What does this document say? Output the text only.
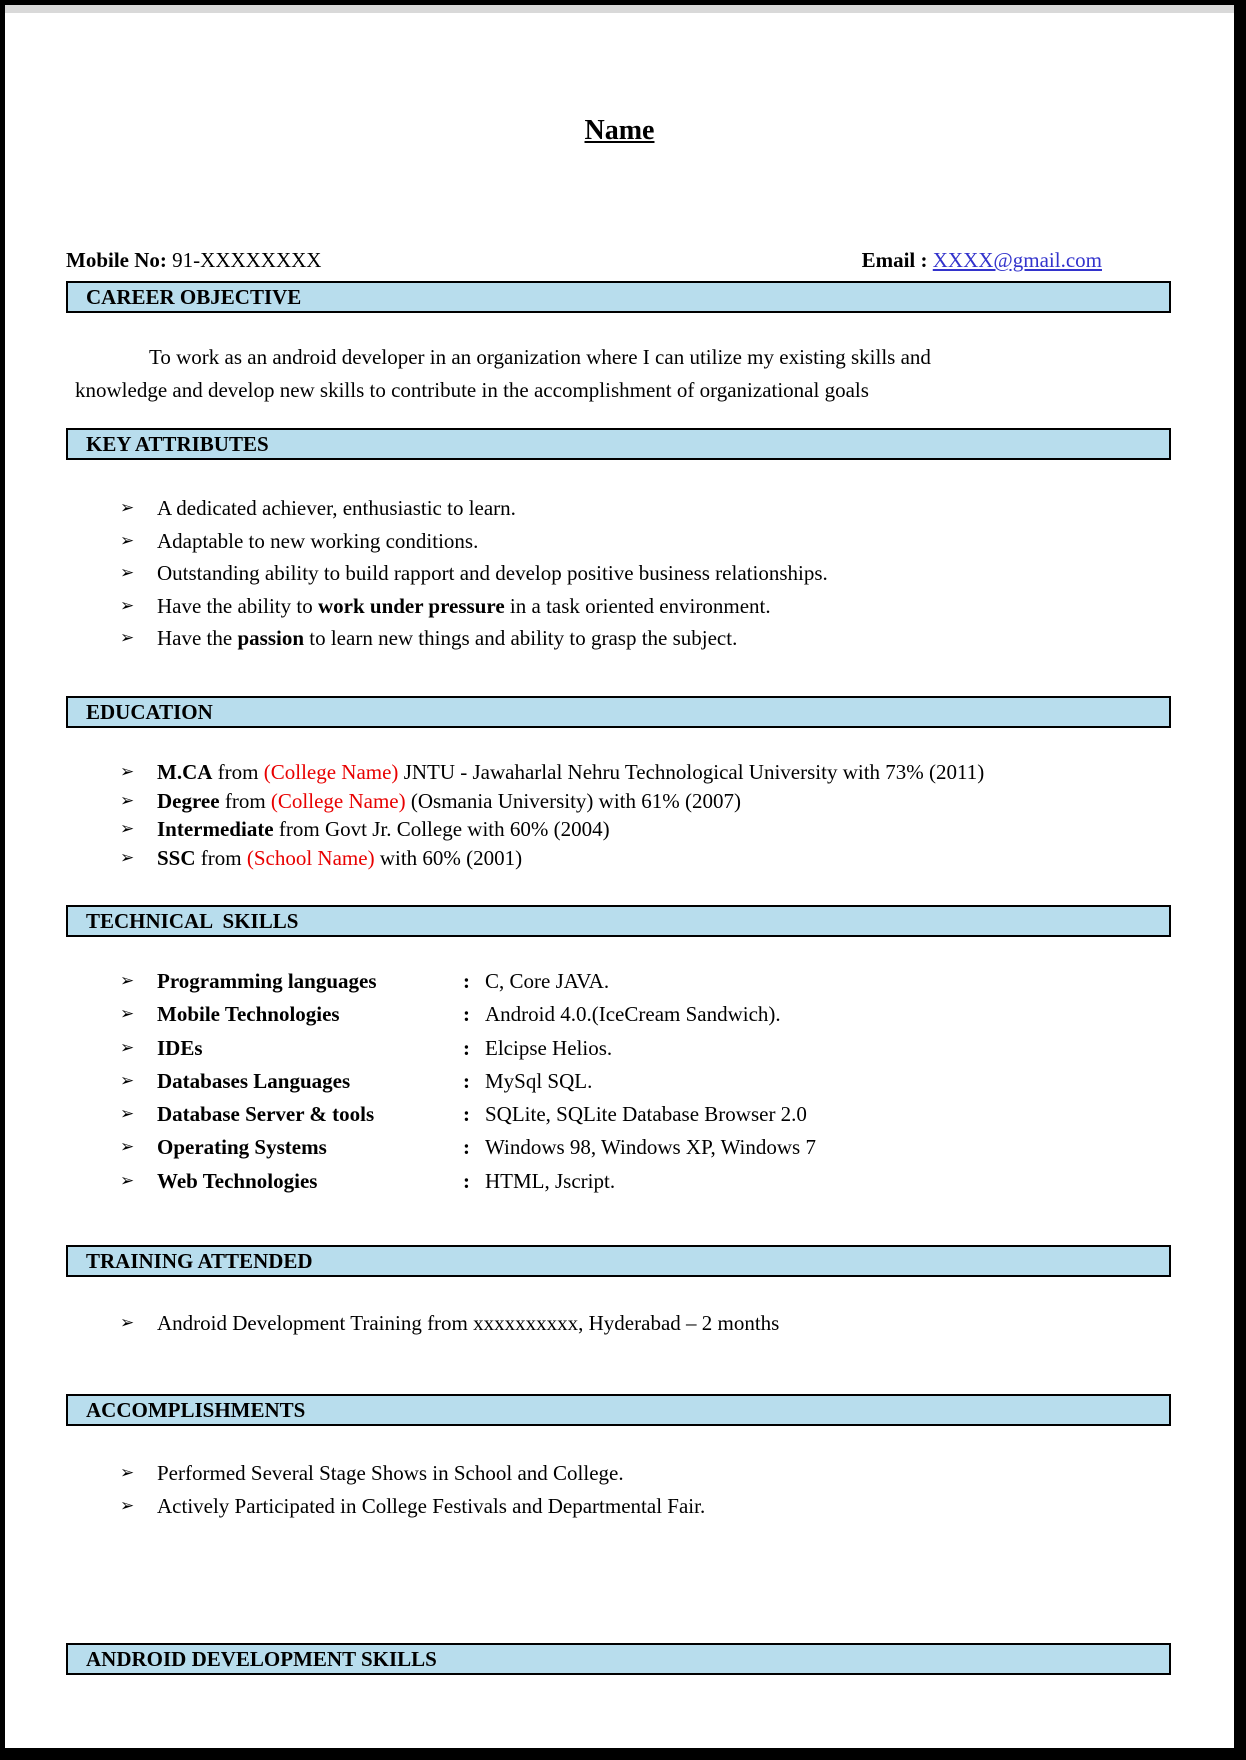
Name
Mobile No: 91-XXXXXXXX	Email : XXXX@gmail.com
CAREER OBJECTIVE
To work as an android developer in an organization where I can utilize my existing skills and knowledge and develop new skills to contribute in the accomplishment of organizational goals
KEY ATTRIBUTES
➢ A dedicated achiever, enthusiastic to learn.
➢ Adaptable to new working conditions.
➢ Outstanding ability to build rapport and develop positive business relationships.
➢ Have the ability to work under pressure in a task oriented environment.
➢ Have the passion to learn new things and ability to grasp the subject.
EDUCATION
➢ M.CA from (College Name) JNTU - Jawaharlal Nehru Technological University with 73% (2011)
➢ Degree from (College Name) (Osmania University) with 61% (2007)
➢ Intermediate from Govt Jr. College with 60% (2004)
➢ SSC from (School Name) with 60% (2001)
TECHNICAL  SKILLS
➢ Programming languages	: C, Core JAVA.
➢ Mobile Technologies	: Android 4.0.(IceCream Sandwich).
➢ IDEs	: Elcipse Helios.
➢ Databases Languages	: MySql SQL.
➢ Database Server & tools	: SQLite, SQLite Database Browser 2.0
➢ Operating Systems	: Windows 98, Windows XP, Windows 7
➢ Web Technologies	: HTML, Jscript.
TRAINING ATTENDED
➢ Android Development Training from xxxxxxxxxx, Hyderabad – 2 months
ACCOMPLISHMENTS
➢ Performed Several Stage Shows in School and College.
➢ Actively Participated in College Festivals and Departmental Fair.
ANDROID DEVELOPMENT SKILLS
